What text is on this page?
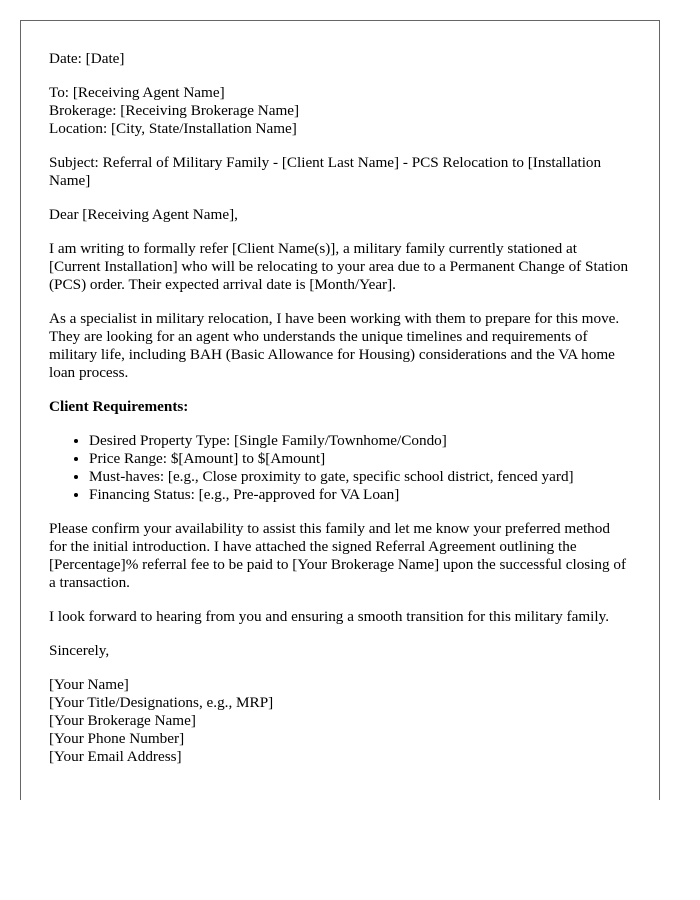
Date: [Date]

To: [Receiving Agent Name]
Brokerage: [Receiving Brokerage Name]
Location: [City, State/Installation Name]

Subject: Referral of Military Family - [Client Last Name] - PCS Relocation to [Installation Name]

Dear [Receiving Agent Name],

I am writing to formally refer [Client Name(s)], a military family currently stationed at [Current Installation] who will be relocating to your area due to a Permanent Change of Station (PCS) order. Their expected arrival date is [Month/Year].

As a specialist in military relocation, I have been working with them to prepare for this move. They are looking for an agent who understands the unique timelines and requirements of military life, including BAH (Basic Allowance for Housing) considerations and the VA home loan process.

Client Requirements:

• Desired Property Type: [Single Family/Townhome/Condo]
• Price Range: $[Amount] to $[Amount]
• Must-haves: [e.g., Close proximity to gate, specific school district, fenced yard]
• Financing Status: [e.g., Pre-approved for VA Loan]

Please confirm your availability to assist this family and let me know your preferred method for the initial introduction. I have attached the signed Referral Agreement outlining the [Percentage]% referral fee to be paid to [Your Brokerage Name] upon the successful closing of a transaction.

I look forward to hearing from you and ensuring a smooth transition for this military family.

Sincerely,

[Your Name]
[Your Title/Designations, e.g., MRP]
[Your Brokerage Name]
[Your Phone Number]
[Your Email Address]
